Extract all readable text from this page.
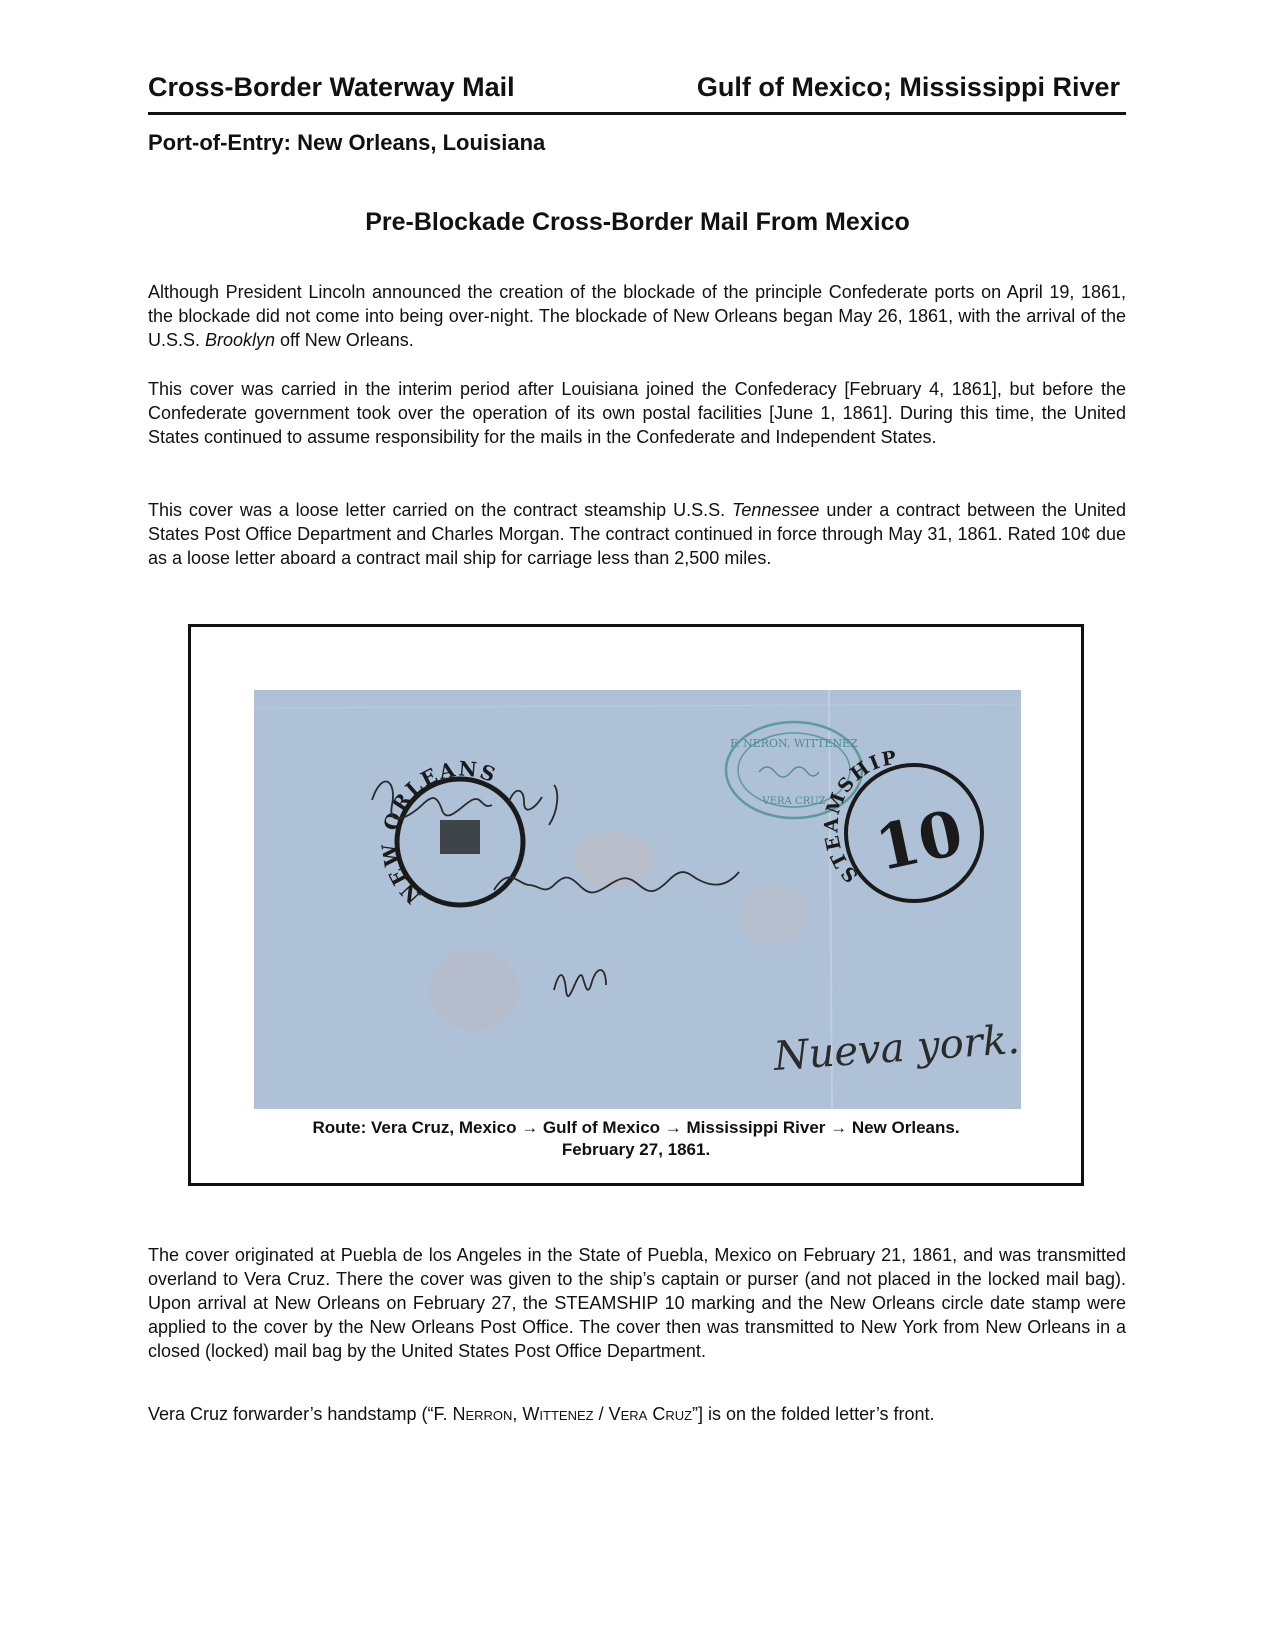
Cross-Border Waterway Mail	Gulf of Mexico; Mississippi River
Port-of-Entry: New Orleans, Louisiana
Pre-Blockade Cross-Border Mail From Mexico

Although President Lincoln announced the creation of the blockade of the principle Confederate ports on April 19, 1861, the blockade did not come into being over-night. The blockade of New Orleans began May 26, 1861, with the arrival of the U.S.S. Brooklyn off New Orleans.

This cover was carried in the interim period after Louisiana joined the Confederacy [February 4, 1861], but before the Confederate government took over the operation of its own postal facilities [June 1, 1861]. During this time, the United States continued to assume responsibility for the mails in the Confederate and Independent States.

This cover was a loose letter carried on the contract steamship U.S.S. Tennessee under a contract between the United States Post Office Department and Charles Morgan. The contract continued in force through May 31, 1861. Rated 10¢ due as a loose letter aboard a contract mail ship for carriage less than 2,500 miles.

F. NERON, WITTENEZ
VERA CRUZ
STEAMSHIP
10
NEW ORLEANS
Nueva york.
Route: Vera Cruz, Mexico → Gulf of Mexico → Mississippi River → New Orleans.
February 27, 1861.

The cover originated at Puebla de los Angeles in the State of Puebla, Mexico on February 21, 1861, and was transmitted overland to Vera Cruz. There the cover was given to the ship’s captain or purser (and not placed in the locked mail bag). Upon arrival at New Orleans on February 27, the STEAMSHIP 10 marking and the New Orleans circle date stamp were applied to the cover by the New Orleans Post Office. The cover then was transmitted to New York from New Orleans in a closed (locked) mail bag by the United States Post Office Department.

Vera Cruz forwarder’s handstamp (“F. Nerron, Wittenez / Vera Cruz”] is on the folded letter’s front.
